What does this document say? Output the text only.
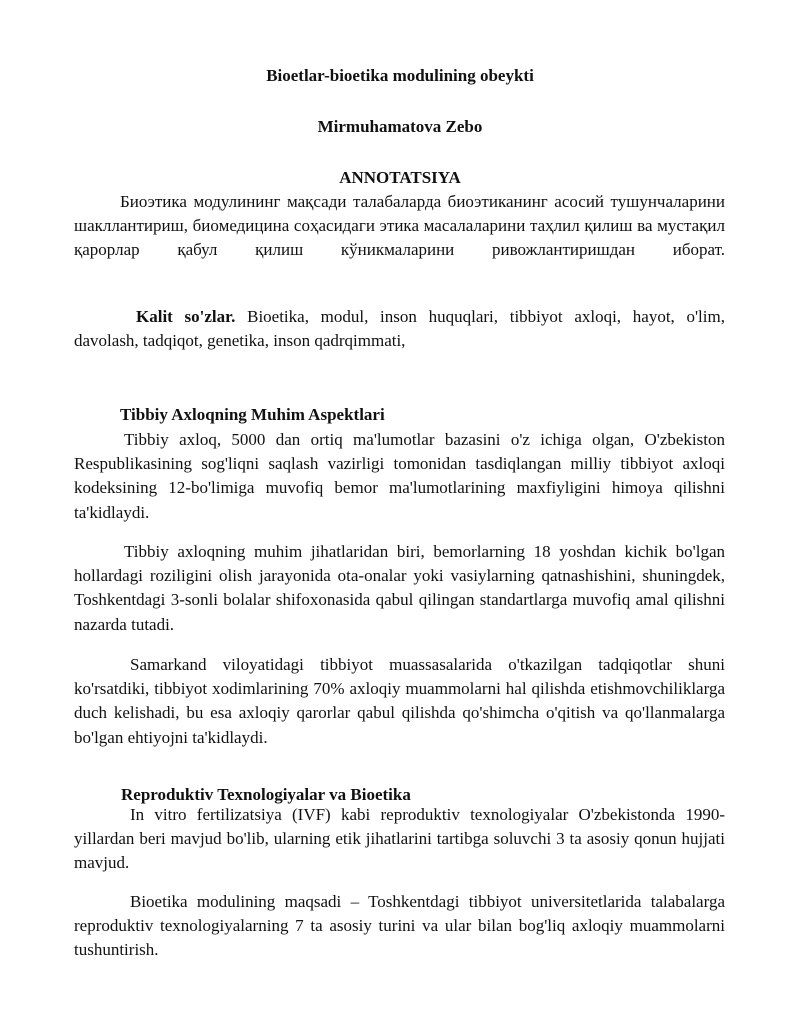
Bioetlar-bioetika modulining obeykti
Mirmuhamatova Zebo
ANNOTATSIYA

Биоэтика модулининг мақсади талабаларда биоэтиканинг асосий тушунчаларини шакллантириш, биомедицина соҳасидаги этика масалаларини таҳлил қилиш ва мустақил қарорлар қабул қилиш кўникмаларини ривожлантиришдан иборат.

Kalit so'zlar. Bioetika, modul, inson huquqlari, tibbiyot axloqi, hayot, o'lim, davolash, tadqiqot, genetika, inson qadrqimmati,

Tibbiy Axloqning Muhim Aspektlari

Tibbiy axloq, 5000 dan ortiq ma'lumotlar bazasini o'z ichiga olgan, O'zbekiston Respublikasining sog'liqni saqlash vazirligi tomonidan tasdiqlangan milliy tibbiyot axloqi kodeksining 12-bo'limiga muvofiq bemor ma'lumotlarining maxfiyligini himoya qilishni ta'kidlaydi.

Tibbiy axloqning muhim jihatlaridan biri, bemorlarning 18 yoshdan kichik bo'lgan hollardagi roziligini olish jarayonida ota-onalar yoki vasiylarning qatnashishini, shuningdek, Toshkentdagi 3-sonli bolalar shifoxonasida qabul qilingan standartlarga muvofiq amal qilishni nazarda tutadi.

Samarkand viloyatidagi tibbiyot muassasalarida o'tkazilgan tadqiqotlar shuni ko'rsatdiki, tibbiyot xodimlarining 70% axloqiy muammolarni hal qilishda etishmovchiliklarga duch kelishadi, bu esa axloqiy qarorlar qabul qilishda qo'shimcha o'qitish va qo'llanmalarga bo'lgan ehtiyojni ta'kidlaydi.

Reproduktiv Texnologiyalar va Bioetika

In vitro fertilizatsiya (IVF) kabi reproduktiv texnologiyalar O'zbekistonda 1990-yillardan beri mavjud bo'lib, ularning etik jihatlarini tartibga soluvchi 3 ta asosiy qonun hujjati mavjud.

Bioetika modulining maqsadi – Toshkentdagi tibbiyot universitetlarida talabalarga reproduktiv texnologiyalarning 7 ta asosiy turini va ular bilan bog'liq axloqiy muammolarni tushuntirish.
